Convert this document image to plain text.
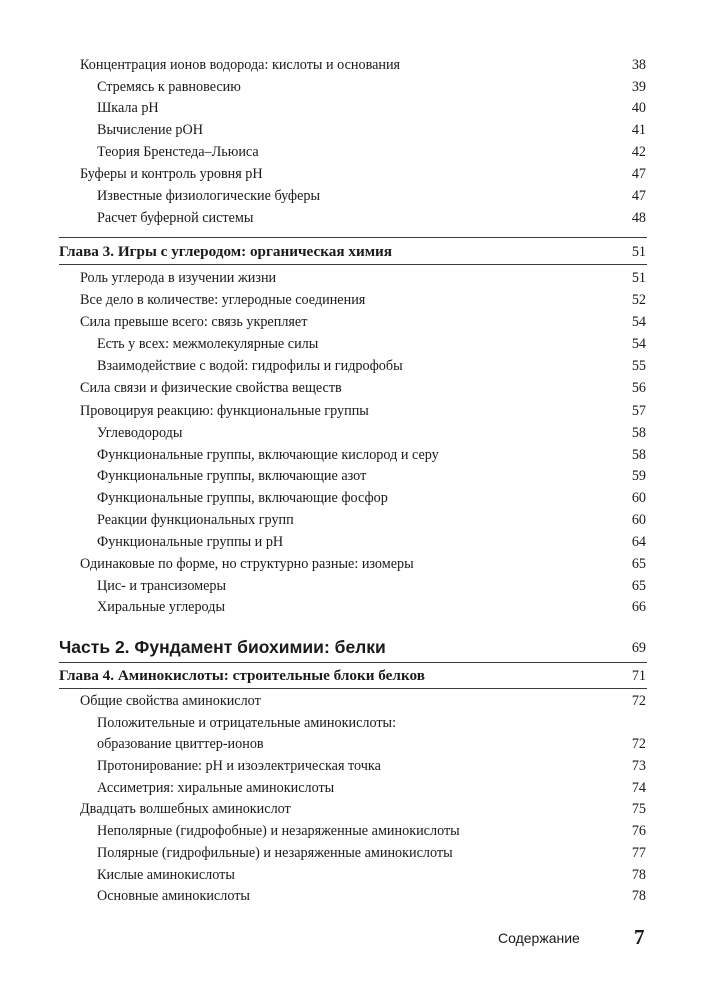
Концентрация ионов водорода: кислоты и основания	38
Стремясь к равновесию	39
Шкала pH	40
Вычисление pOH	41
Теория Бренстеда–Льюиса	42
Буферы и контроль уровня pH	47
Известные физиологические буферы	47
Расчет буферной системы	48
Глава 3. Игры с углеродом: органическая химия	51
Роль углерода в изучении жизни	51
Все дело в количестве: углеродные соединения	52
Сила превыше всего: связь укрепляет	54
Есть у всех: межмолекулярные силы	54
Взаимодействие с водой: гидрофилы и гидрофобы	55
Сила связи и физические свойства веществ	56
Провоцируя реакцию: функциональные группы	57
Углеводороды	58
Функциональные группы, включающие кислород и серу	58
Функциональные группы, включающие азот	59
Функциональные группы, включающие фосфор	60
Реакции функциональных групп	60
Функциональные группы и pH	64
Одинаковые по форме, но структурно разные: изомеры	65
Цис- и трансизомеры	65
Хиральные углероды	66
Часть 2. Фундамент биохимии: белки	69
Глава 4. Аминокислоты: строительные блоки белков	71
Общие свойства аминокислот	72
Положительные и отрицательные аминокислоты:
образование цвиттер-ионов	72
Протонирование: pH и изоэлектрическая точка	73
Ассиметрия: хиральные аминокислоты	74
Двадцать волшебных аминокислот	75
Неполярные (гидрофобные) и незаряженные аминокислоты	76
Полярные (гидрофильные) и незаряженные аминокислоты	77
Кислые аминокислоты	78
Основные аминокислоты	78
Содержание	7
